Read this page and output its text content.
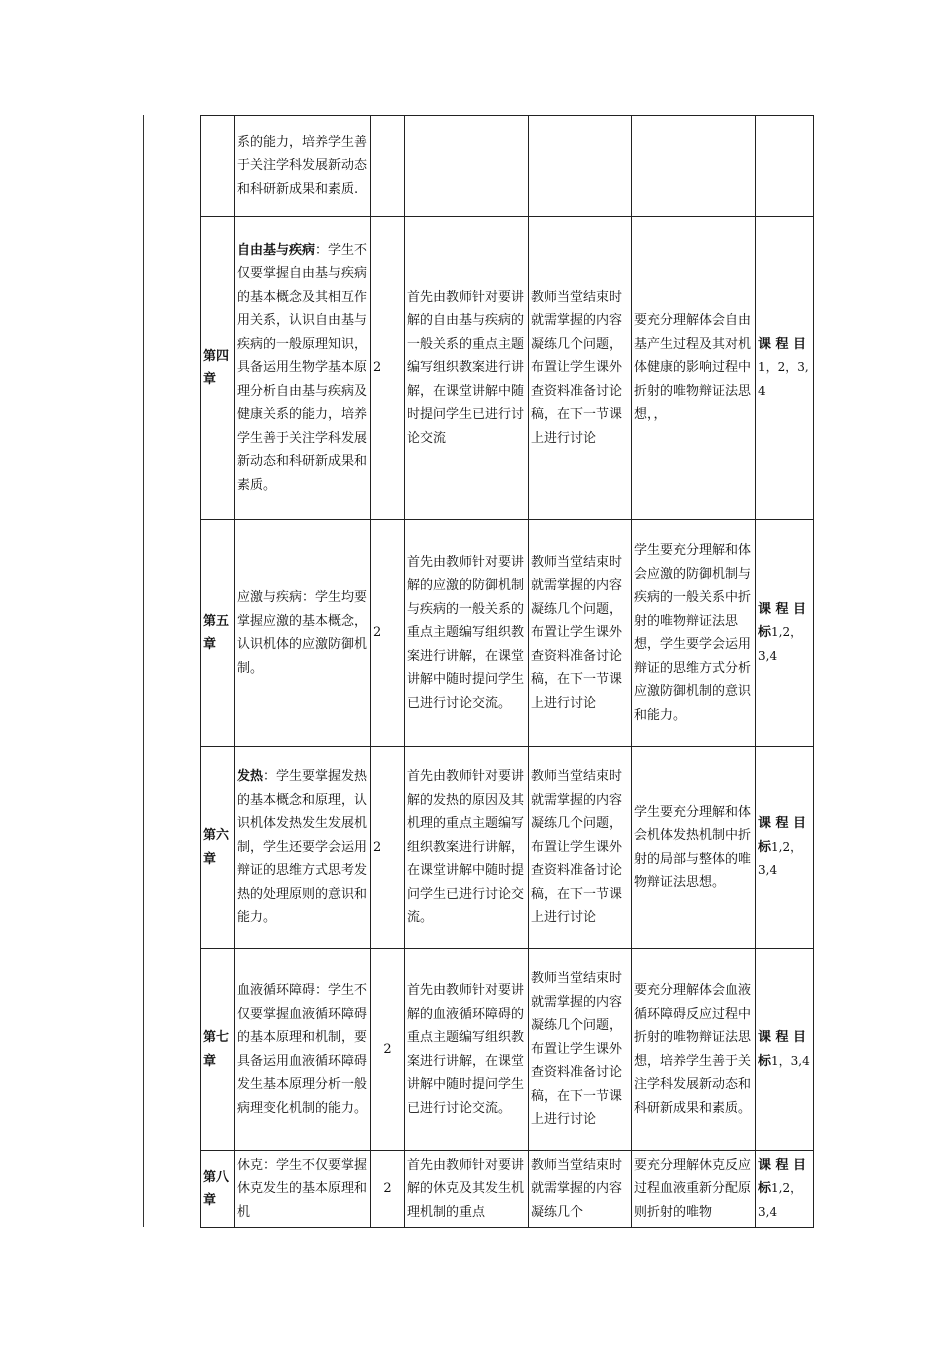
	系的能力，培养学生善于关注学科发展新动态和科研新成果和素质.					
第四章	自由基与疾病：学生不仅要掌握自由基与疾病的基本概念及其相互作用关系，认识自由基与疾病的一般原理知识，具备运用生物学基本原理分析自由基与疾病及健康关系的能力，培养学生善于关注学科发展新动态和科研新成果和素质。	2	首先由教师针对要讲解的自由基与疾病的一般关系的重点主题编写组织教案进行讲解，在课堂讲解中随时提问学生已进行讨论交流	教师当堂结束时就需掌握的内容凝练几个问题，布置让学生课外查资料准备讨论稿，在下一节课上进行讨论	要充分理解体会自由基产生过程及其对机体健康的影响过程中折射的唯物辩证法思想，，	课 程 目1，2，3,4
第五章	应激与疾病：学生均要掌握应激的基本概念，认识机体的应激防御机制。	2	首先由教师针对要讲解的应激的防御机制与疾病的一般关系的重点主题编写组织教案进行讲解，在课堂讲解中随时提问学生已进行讨论交流。	教师当堂结束时就需掌握的内容凝练几个问题，布置让学生课外查资料准备讨论稿，在下一节课上进行讨论	学生要充分理解和体会应激的防御机制与疾病的一般关系中折射的唯物辩证法思想，学生要学会运用辩证的思维方式分析应激防御机制的意识和能力。	课 程 目标1,2，3,4
第六章	发热：学生要掌握发热的基本概念和原理，认识机体发热发生发展机制，学生还要学会运用辩证的思维方式思考发热的处理原则的意识和能力。	2	首先由教师针对要讲解的发热的原因及其机理的重点主题编写组织教案进行讲解，在课堂讲解中随时提问学生已进行讨论交流。	教师当堂结束时就需掌握的内容凝练几个问题，布置让学生课外查资料准备讨论稿，在下一节课上进行讨论	学生要充分理解和体会机体发热机制中折射的局部与整体的唯物辩证法思想。	课 程 目标1,2，3,4
第七章	血液循环障碍：学生不仅要掌握血液循环障碍的基本原理和机制，要具备运用血液循环障碍发生基本原理分析一般病理变化机制的能力。	2	首先由教师针对要讲解的血液循环障碍的重点主题编写组织教案进行讲解，在课堂讲解中随时提问学生已进行讨论交流。	教师当堂结束时就需掌握的内容凝练几个问题，布置让学生课外查资料准备讨论稿，在下一节课上进行讨论	要充分理解体会血液循环障碍反应过程中折射的唯物辩证法思想，培养学生善于关注学科发展新动态和科研新成果和素质。	课 程 目标1，3,4
第八章	休克：学生不仅要掌握休克发生的基本原理和机	2	首先由教师针对要讲解的休克及其发生机理机制的重点	教师当堂结束时就需掌握的内容凝练几个	要充分理解休克反应过程血液重新分配原则折射的唯物	课 程 目标1,2，3,4
